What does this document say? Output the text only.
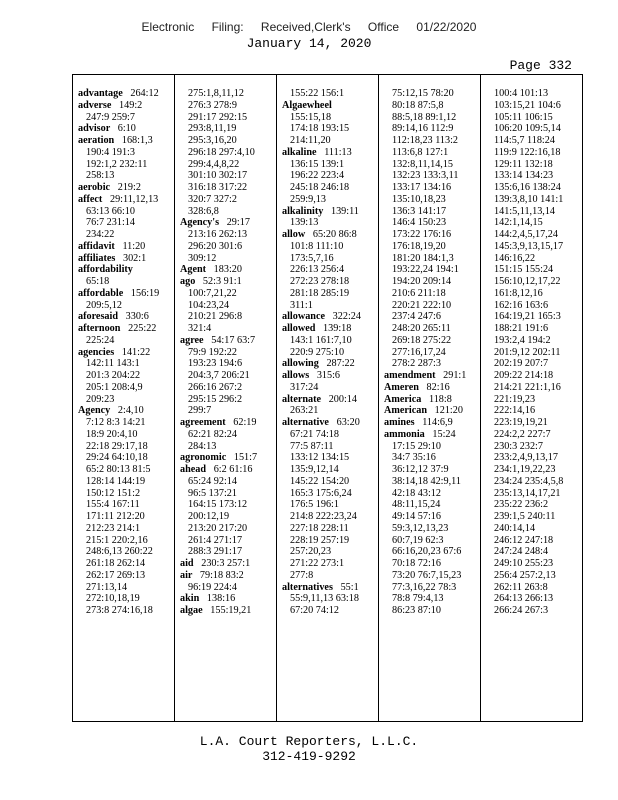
Electronic Filing: Received,Clerk's Office 01/22/2020
January 14, 2020
Page 332
advantage 264:12
adverse 149:2
247:9 259:7
advisor 6:10
aeration 168:1,3
190:4 191:3
192:1,2 232:11
258:13
aerobic 219:2
affect 29:11,12,13
63:13 66:10
76:7 231:14
234:22
affidavit 11:20
affiliates 302:1
affordability
65:18
affordable 156:19
209:5,12
aforesaid 330:6
afternoon 225:22
225:24
agencies 141:22
142:11 143:1
201:3 204:22
205:1 208:4,9
209:23
Agency 2:4,10
7:12 8:3 14:21
18:9 20:4,10
22:18 29:17,18
29:24 64:10,18
65:2 80:13 81:5
128:14 144:19
150:12 151:2
155:4 167:11
171:11 212:20
212:23 214:1
215:1 220:2,16
248:6,13 260:22
261:18 262:14
262:17 269:13
271:13,14
272:10,18,19
273:8 274:16,18
275:1,8,11,12
276:3 278:9
291:17 292:15
293:8,11,19
295:3,16,20
296:18 297:4,10
299:4,4,8,22
301:10 302:17
316:18 317:22
320:7 327:2
328:6,8
Agency's 29:17
213:16 262:13
296:20 301:6
309:12
Agent 183:20
ago 52:3 91:1
100:7,21,22
104:23,24
210:21 296:8
321:4
agree 54:17 63:7
79:9 192:22
193:23 194:6
204:3,7 206:21
266:16 267:2
295:15 296:2
299:7
agreement 62:19
62:21 82:24
284:13
agronomic 151:7
ahead 6:2 61:16
65:24 92:14
96:5 137:21
164:15 173:12
200:12,19
213:20 217:20
261:4 271:17
288:3 291:17
aid 230:3 257:1
air 79:18 83:2
96:19 224:4
akin 138:16
algae 155:19,21
155:22 156:1
Algaewheel
155:15,18
174:18 193:15
214:11,20
alkaline 111:13
136:15 139:1
196:22 223:4
245:18 246:18
259:9,13
alkalinity 139:11
139:13
allow 65:20 86:8
101:8 111:10
173:5,7,16
226:13 256:4
272:23 278:18
281:18 285:19
311:1
allowance 322:24
allowed 139:18
143:1 161:7,10
220:9 275:10
allowing 287:22
allows 315:6
317:24
alternate 200:14
263:21
alternative 63:20
67:21 74:18
77:5 87:11
133:12 134:15
135:9,12,14
145:22 154:20
165:3 175:6,24
176:5 196:1
214:8 222:23,24
227:18 228:11
228:19 257:19
257:20,23
271:22 273:1
277:8
alternatives 55:1
55:9,11,13 63:18
67:20 74:12
75:12,15 78:20
80:18 87:5,8
88:5,18 89:1,12
89:14,16 112:9
112:18,23 113:2
113:6,8 127:1
132:8,11,14,15
132:23 133:3,11
133:17 134:16
135:10,18,23
136:3 141:17
146:4 150:23
173:22 176:16
176:18,19,20
181:20 184:1,3
193:22,24 194:1
194:20 209:14
210:6 211:18
220:21 222:10
237:4 247:6
248:20 265:11
269:18 275:22
277:16,17,24
278:2 287:3
amendment 291:1
Ameren 82:16
America 118:8
American 121:20
amines 114:6,9
ammonia 15:24
17:15 29:10
34:7 35:16
36:12,12 37:9
38:14,18 42:9,11
42:18 43:12
48:11,15,24
49:14 57:16
59:3,12,13,23
60:7,19 62:3
66:16,20,23 67:6
70:18 72:16
73:20 76:7,15,23
77:3,16,22 78:3
78:8 79:4,13
86:23 87:10
100:4 101:13
103:15,21 104:6
105:11 106:15
106:20 109:5,14
114:5,7 118:24
119:9 122:16,18
129:11 132:18
133:14 134:23
135:6,16 138:24
139:3,8,10 141:1
141:5,11,13,14
142:1,14,15
144:2,4,5,17,24
145:3,9,13,15,17
146:16,22
151:15 155:24
156:10,12,17,22
161:8,12,16
162:16 163:6
164:19,21 165:3
188:21 191:6
193:2,4 194:2
201:9,12 202:11
202:19 207:7
209:22 214:18
214:21 221:1,16
221:19,23
222:14,16
223:19,19,21
224:2,2 227:7
230:3 232:7
233:2,4,9,13,17
234:1,19,22,23
234:24 235:4,5,8
235:13,14,17,21
235:22 236:2
239:1,5 240:11
240:14,14
246:12 247:18
247:24 248:4
249:10 255:23
256:4 257:2,13
262:11 263:8
264:13 266:13
266:24 267:3
L.A. Court Reporters, L.L.C.
312-419-9292
